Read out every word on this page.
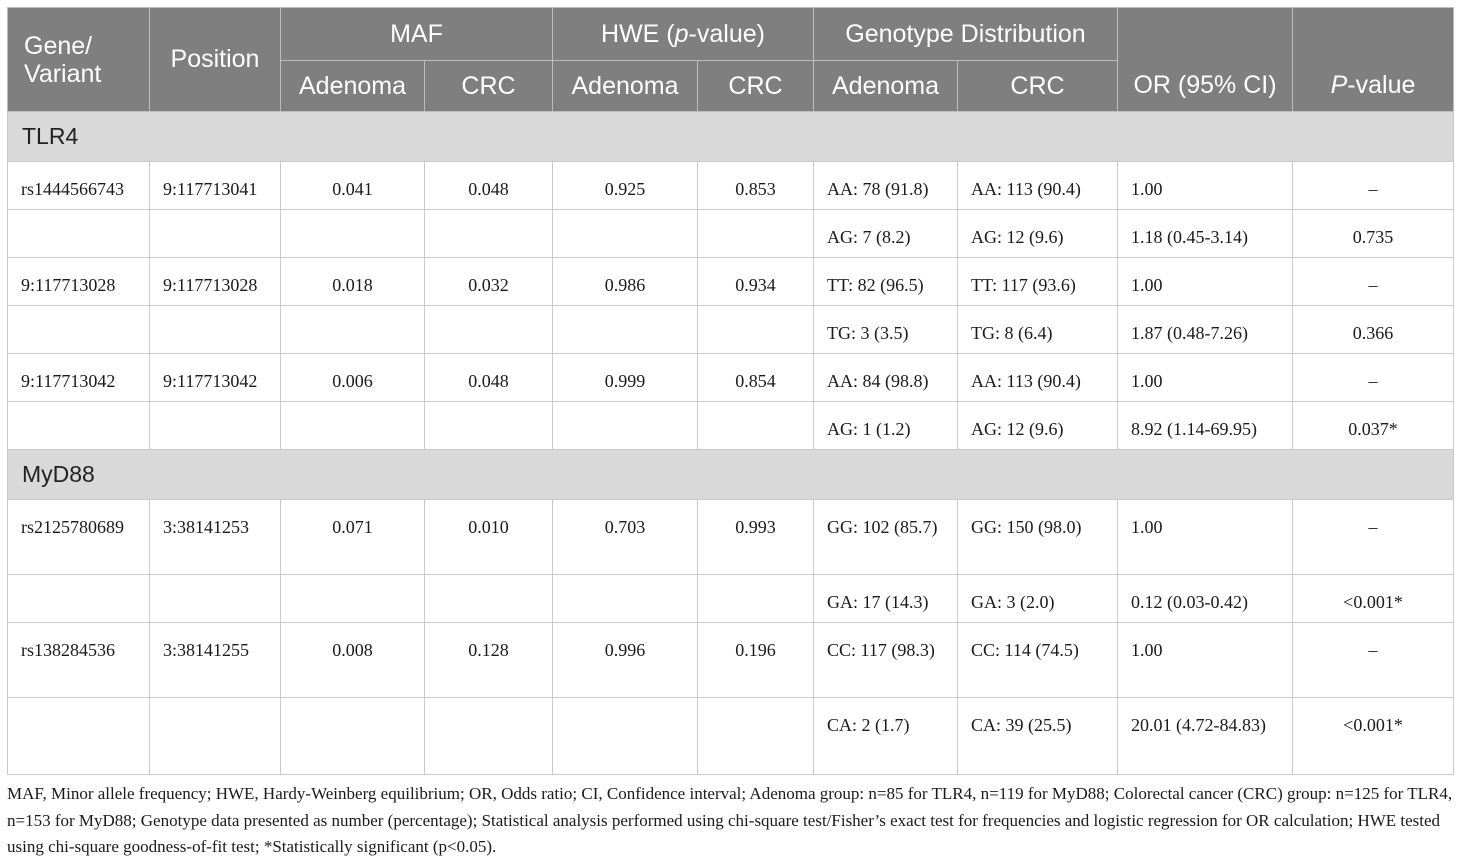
Gene/ Variant	Position	MAF		HWE (p-value)		Genotype Distribution		OR (95% CI)	P-value
		Adenoma	CRC	Adenoma	CRC	Adenoma	CRC		
TLR4									
rs1444566743	9:117713041	0.041	0.048	0.925	0.853	AA: 78 (91.8)	AA: 113 (90.4)	1.00	–
						AG: 7 (8.2)	AG: 12 (9.6)	1.18 (0.45-3.14)	0.735
9:117713028	9:117713028	0.018	0.032	0.986	0.934	TT: 82 (96.5)	TT: 117 (93.6)	1.00	–
						TG: 3 (3.5)	TG: 8 (6.4)	1.87 (0.48-7.26)	0.366
9:117713042	9:117713042	0.006	0.048	0.999	0.854	AA: 84 (98.8)	AA: 113 (90.4)	1.00	–
						AG: 1 (1.2)	AG: 12 (9.6)	8.92 (1.14-69.95)	0.037*
MyD88									
rs2125780689	3:38141253	0.071	0.010	0.703	0.993	GG: 102 (85.7)	GG: 150 (98.0)	1.00	–
						GA: 17 (14.3)	GA: 3 (2.0)	0.12 (0.03-0.42)	<0.001*
rs138284536	3:38141255	0.008	0.128	0.996	0.196	CC: 117 (98.3)	CC: 114 (74.5)	1.00	–
						CA: 2 (1.7)	CA: 39 (25.5)	20.01 (4.72-84.83)	<0.001*
MAF, Minor allele frequency; HWE, Hardy-Weinberg equilibrium; OR, Odds ratio; CI, Confidence interval; Adenoma group: n=85 for TLR4, n=119 for MyD88; Colorectal cancer (CRC) group: n=125 for TLR4, n=153 for MyD88; Genotype data presented as number (percentage); Statistical analysis performed using chi-square test/Fisher’s exact test for frequencies and logistic regression for OR calculation; HWE tested using chi-square goodness-of-fit test; *Statistically significant (p<0.05).
